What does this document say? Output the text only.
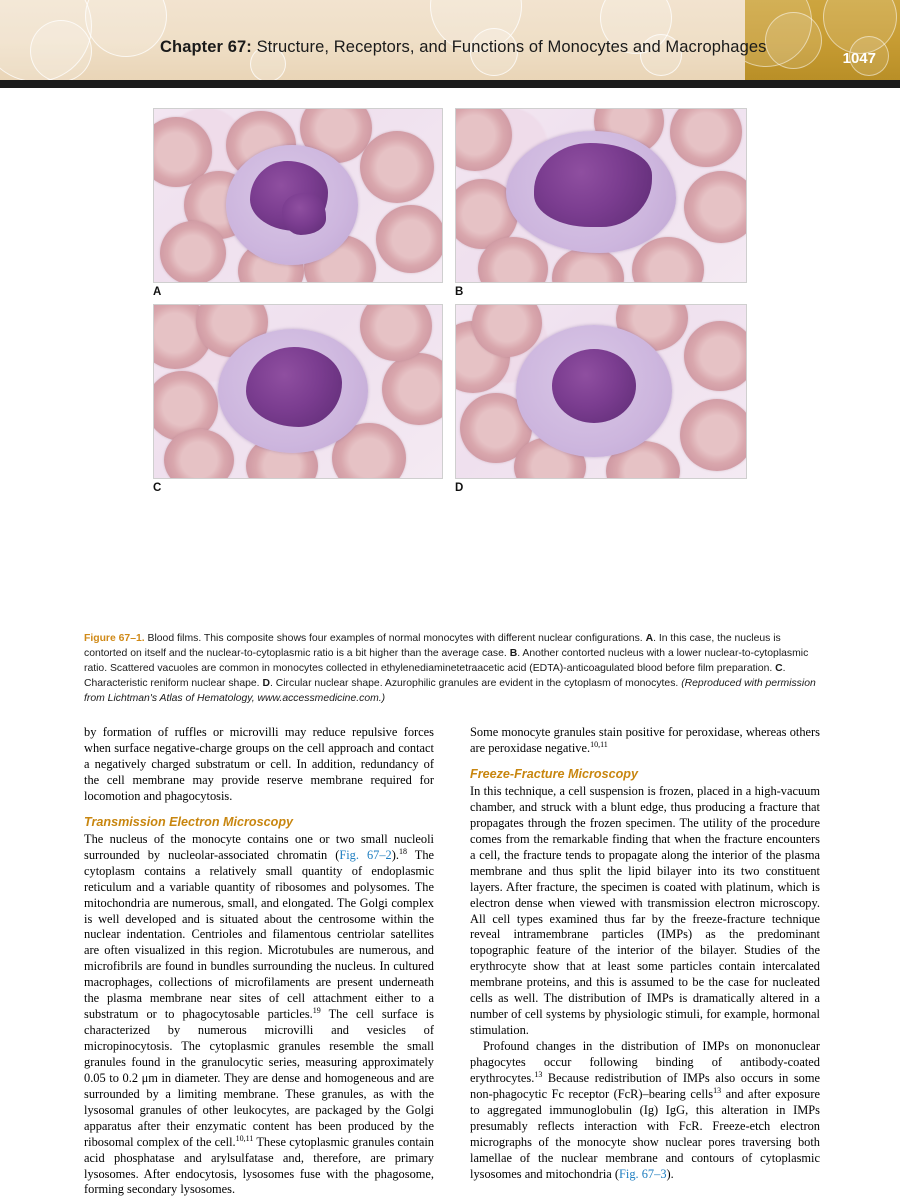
1047
Chapter 67: Structure, Receptors, and Functions of Monocytes and Macrophages
A	B
C	D
Figure 67–1. Blood films. This composite shows four examples of normal monocytes with different nuclear configurations. A. In this case, the nucleus is contorted on itself and the nuclear-to-cytoplasmic ratio is a bit higher than the average case. B. Another contorted nucleus with a lower nuclear-to-cytoplasmic ratio. Scattered vacuoles are common in monocytes collected in ethylenediaminetetraacetic acid (EDTA)-anticoagulated blood before film preparation. C. Characteristic reniform nuclear shape. D. Circular nuclear shape. Azurophilic granules are evident in the cytoplasm of monocytes. (Reproduced with permission from Lichtman's Atlas of Hematology, www.accessmedicine.com.)

by formation of ruffles or microvilli may reduce repulsive forces when surface negative-charge groups on the cell approach and contact a negatively charged substratum or cell. In addition, redundancy of the cell membrane may provide reserve membrane required for locomotion and phagocytosis.

Transmission Electron Microscopy

The nucleus of the monocyte contains one or two small nucleoli surrounded by nucleolar-associated chromatin (Fig. 67–2).$^{18}$ The cytoplasm contains a relatively small quantity of endoplasmic reticulum and a variable quantity of ribosomes and polysomes. The mitochondria are numerous, small, and elongated. The Golgi complex is well developed and is situated about the centrosome within the nuclear indentation. Centrioles and filamentous centriolar satellites are often visualized in this region. Microtubules are numerous, and microfibrils are found in bundles surrounding the nucleus. In cultured macrophages, collections of microfilaments are present underneath the plasma membrane near sites of cell attachment either to a substratum or to phagocytosable particles.$^{19}$ The cell surface is characterized by numerous microvilli and vesicles of micropinocytosis. The cytoplasmic granules resemble the small granules found in the granulocytic series, measuring approximately 0.05 to 0.2 μm in diameter. They are dense and homogeneous and are surrounded by a limiting membrane. These granules, as with the lysosomal granules of other leukocytes, are packaged by the Golgi apparatus after their enzymatic content has been produced by the ribosomal complex of the cell.$^{10,11}$ These cytoplasmic granules contain acid phosphatase and arylsulfatase and, therefore, are primary lysosomes. After endocytosis, lysosomes fuse with the phagosome, forming secondary lysosomes.

Some monocyte granules stain positive for peroxidase, whereas others are peroxidase negative.$^{10,11}$

Freeze-Fracture Microscopy

In this technique, a cell suspension is frozen, placed in a high-vacuum chamber, and struck with a blunt edge, thus producing a fracture that propagates through the frozen specimen. The utility of the procedure comes from the remarkable finding that when the fracture encounters a cell, the fracture tends to propagate along the interior of the plasma membrane and thus split the lipid bilayer into its two constituent layers. After fracture, the specimen is coated with platinum, which is electron dense when viewed with transmission electron microscopy. All cell types examined thus far by the freeze-fracture technique reveal intramembrane particles (IMPs) as the predominant topographic feature of the interior of the bilayer. Studies of the erythrocyte show that at least some particles contain intercalated membrane proteins, and this is assumed to be the case for nucleated cells as well. The distribution of IMPs is dramatically altered in a number of cell systems by physiologic stimuli, for example, hormonal stimulation.

Profound changes in the distribution of IMPs on mononuclear phagocytes occur following binding of antibody-coated erythrocytes.$^{13}$ Because redistribution of IMPs also occurs in some non-phagocytic Fc receptor (FcR)–bearing cells$^{13}$ and after exposure to aggregated immunoglobulin (Ig) IgG, this alteration in IMPs presumably reflects interaction with FcR. Freeze-etch electron micrographs of the monocyte show nuclear pores traversing both lamellae of the nuclear membrane and contours of cytoplasmic lysosomes and mitochondria (Fig. 67–3).
